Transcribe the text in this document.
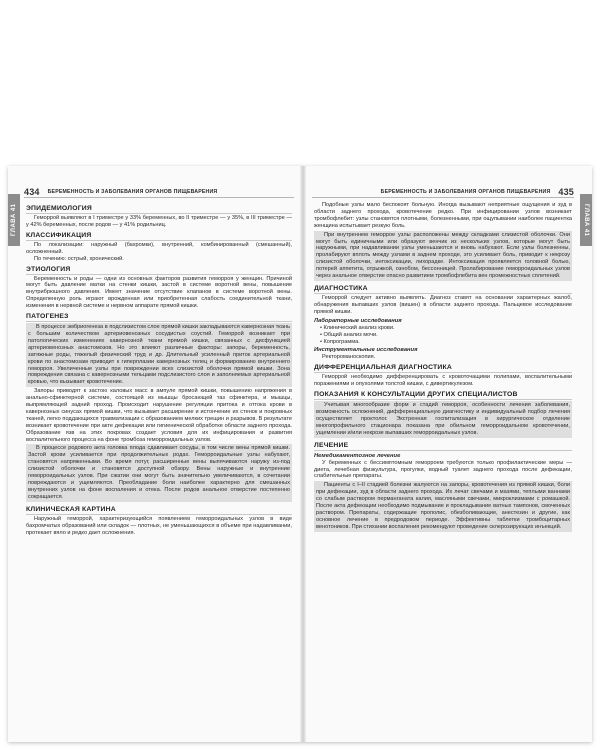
ГЛАВА 41
434 БЕРЕМЕННОСТЬ И ЗАБОЛЕВАНИЯ ОРГАНОВ ПИЩЕВАРЕНИЯ
ЭПИДЕМИОЛОГИЯ
Геморрой выявляют в I триместре у 33% беременных, во II триместре — у 35%, в III триместре — у 42% беременных, после родов — у 41% родильниц.
КЛАССИФИКАЦИЯ
По локализации: наружный (бахромки), внутренний, комбинированный (смешанный), осложненный.
По течению: острый, хронический.
ЭТИОЛОГИЯ
Беременность и роды — одни из основных факторов развития геморроя у женщин. Причиной могут быть давление матки на стенки кишки, застой в системе воротной вены, повышение внутрибрюшного давления. Имеет значение отсутствие клапанов в системе воротной вены. Определенную роль играют врожденная или приобретенная слабость соединительной ткани, изменения в нервной системе и нервном аппарате прямой кишки.
ПАТОГЕНЕЗ
В процессе эмбриогенеза в подслизистом слое прямой кишки закладываются кавернозная ткань с большим количеством артериовенозных сосудистых соустий. Геморрой возникает при патологических изменениях кавернозной ткани прямой кишки, связанных с дисфункцией артериовенозных анастомозов. Но это влияют различные факторы: запоры, беременность, затяжные роды, тяжелый физический труд и др. Длительный усиленный приток артериальной крови по анастомозам приводит к гиперплазии кавернозных телец и формированию внутреннего геморроя. Увеличенные узлы при повреждении всех слизистой оболочки прямой кишки. Зона повреждения связана с кавернозными тельцами подслизистого слоя и заполняемых артериальной кровью, что вызывает кровотечение.
Запоры приводят к застою каловых масс в ампуле прямой кишки, повышению напряжения в анально-сфинктерной системе, состоящей из мышцы бросающей таз сфинктера, и мышцы, выпрямляющей задний проход. Происходит нарушение регуляции притока и оттока крови в кавернозных синусах прямой кишки, что вызывает расширение и истончение их стенок и покровных тканей, легко поддающихся травматизации с образованием мелких трещин и разрывов. В результате возникает кровотечение при акте дефекации или гигиенической обработке области заднего прохода. Образование язв на этих покровах создает условия для их инфицирования и развития воспалительного процесса на фоне тромбоза геморроидальных узлов.
В процессе родового акта головка плода сдавливает сосуды, в том числе вены прямой кишки. Застой крови усиливается при продолжительных родах. Геморроидальные узлы набухают, становятся напряженными. Во время потуг, расширенные вены выпячиваются наружу из-под слизистой оболочки и становятся доступной обзору. Вены наружные и внутренние геморроидальных узлов. При сжатии они могут быть значительно увеличиваются, в сочетании повреждаются и ущемляются. Преобладание боли наиболее характерно для смешанных внутренних узлов на фоне воспаления и отека. После родов анальное отверстие постепенно сокращается.
КЛИНИЧЕСКАЯ КАРТИНА
Наружный геморрой, характеризующийся появлением геморроидальных узлов в виде бахромчатых образований или складок — плотных, не уменьшающихся в объеме при надавливании, протекает вяло и редко дает осложнения.
ГЛАВА 41
БЕРЕМЕННОСТЬ И ЗАБОЛЕВАНИЯ ОРГАНОВ ПИЩЕВАРЕНИЯ 435
Подобные узлы мало беспокоят больную. Иногда вызывают неприятные ощущения и зуд в области заднего прохода, кровотечение редко. При инфицировании узлов возникает тромбофлебит: узлы становятся плотными, болезненными, при ощупывании наиболее пациентка женщина испытывает резкую боль.
При внутреннем геморрое узлы расположены между складками слизистой оболочки. Они могут быть единичными или образуют венчик из нескольких узлов, которые могут быть наружными, при надавливании узлы уменьшаются и вновь набухают. Если узлы болезненны, пролабируют вплоть между узлами в заднем проходе, это усиливает боль, приводит к некрозу слизистой оболочки, интоксикации, лихорадке. Интоксикация проявляется головной болью, потерей аппетита, отрыжкой, ознобом, бессонницей. Пролабирование геморроидальных узлов через анальное отверстие опасно развитием тромбофлебита вен промежностных сплетений.
ДИАГНОСТИКА
Геморрой следует активно выявлять. Диагноз ставят на основании характерных жалоб, обнаружения выпавших узлов (вишен) в области заднего прохода. Пальцевое исследование прямой кишки.
Лабораторные исследования
• Клинический анализ крови.
• Общий анализ мочи.
• Копрограмма.
Инструментальные исследования
Ректороманоскопия.
ДИФФЕРЕНЦИАЛЬНАЯ ДИАГНОСТИКА
Геморрой необходимо дифференцировать с кровоточащими полипами, воспалительными поражениями и опухолями толстой кишки, с дивертикулезом.
ПОКАЗАНИЯ К КОНСУЛЬТАЦИИ ДРУГИХ СПЕЦИАЛИСТОВ
Учитывая многообразие форм и стадий геморроя, особенности лечения заболевания, возможность осложнений, дифференциальную диагностику и индивидуальный подбор лечения осуществляет проктолог. Экстренная госпитализация в хирургическое отделение многопрофильного стационара показана при обильном геморроидальном кровотечении, ущемлении и/или некрозе выпавших геморроидальных узлов.
ЛЕЧЕНИЕ
Немедикаментозное лечение
У беременных с бессимптомным геморроем требуются только профилактические меры — диета, лечебная физкультура, прогулки, водный туалет заднего прохода после дефекации, слабительные препараты.
Пациенты с I–II стадией болезни жалуются на запоры, кровотечения из прямой кишки, боли при дефекации, зуд в области заднего прохода. Их лечат свечами и мазями, теплыми ваннами со слабым раствором перманганата калия, масляными свечами, микроклизмами с ромашкой. После акта дефекации необходимо подмывание и прокладывание ватных тампонов, смоченных раствором. Препараты, содержащие прополис, обезболивающие, анестезин и другие, как основное лечение в предродовом периоде. Эффективны таблетки тромбоцитарных венотоников. При стихании воспаления рекомендуют проведение склерозирующих инъекций.
